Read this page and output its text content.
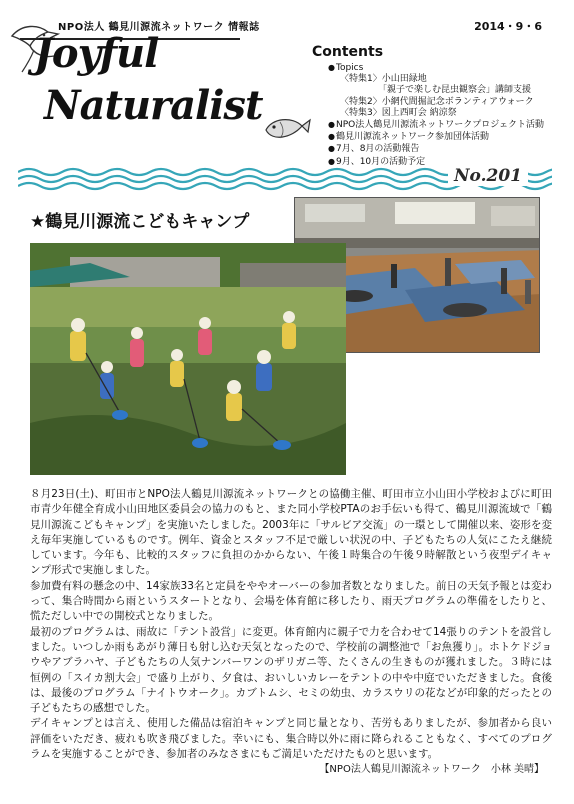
NPO法人 鶴見川源流ネットワーク 情報誌	2014・9・6
Joyful
Naturalist
Contents
● Topics
〈特集1〉小山田緑地
「親子で楽しむ昆虫観察会」講師支援
〈特集2〉小網代間掘記念ボランティアウォーク
〈特集3〉図上西町会 納涼祭
● NPO法人鶴見川源流ネットワークプロジェクト活動
● 鶴見川源流ネットワーク参加団体活動
● 7月、8月の活動報告
● 9月、10月の活動予定
No.201
★鶴見川源流こどもキャンプ

８月23日(土)、町田市とNPO法人鶴見川源流ネットワークとの協働主催、町田市立小山田小学校およびに町田市青少年健全育成小山田地区委員会の協力のもと、また同小学校PTAのお手伝いも得て、鶴見川源流域で「鶴見川源流こどもキャンプ」を実施いたしました。2003年に「サルビア交流」の一環として開催以来、姿形を変え毎年実施しているものです。例年、資金とスタッフ不足で厳しい状況の中、子どもたちの人気にこたえ継続しています。今年も、比較的スタッフに負担のかからない、午後１時集合の午後９時解散という夜型デイキャンプ形式で実施しました。

参加費有料の懸念の中、14家族33名と定員をややオーバーの参加者数となりました。前日の天気予報とは変わって、集合時間から雨というスタートとなり、会場を体育館に移したり、雨天プログラムの準備をしたりと、慌ただしい中での開校式となりました。

最初のプログラムは、雨故に「テント設営」に変更。体育館内に親子で力を合わせて14張りのテントを設営しました。いつしか雨もあがり薄日も射し込む天気となったので、学校前の調整池で「お魚獲り」。ホトケドジョウやアブラハヤ、子どもたちの人気ナンバーワンのザリガニ等、たくさんの生きものが獲れました。３時には恒例の「スイカ割大会」で盛り上がり、夕食は、おいしいカレーをテントの中や中庭でいただきました。食後は、最後のプログラム「ナイトウオーク」。カブトムシ、セミの幼虫、カラスウリの花などが印象的だったとの子どもたちの感想でした。

デイキャンプとは言え、使用した備品は宿泊キャンプと同じ量となり、苦労もありましたが、参加者から良い評価をいただき、疲れも吹き飛びました。幸いにも、集合時以外に雨に降られることもなく、すべてのプログラムを実施することができ、参加者のみなさまにもご満足いただけたものと思います。

【NPO法人鶴見川源流ネットワーク　小林 美晴】
